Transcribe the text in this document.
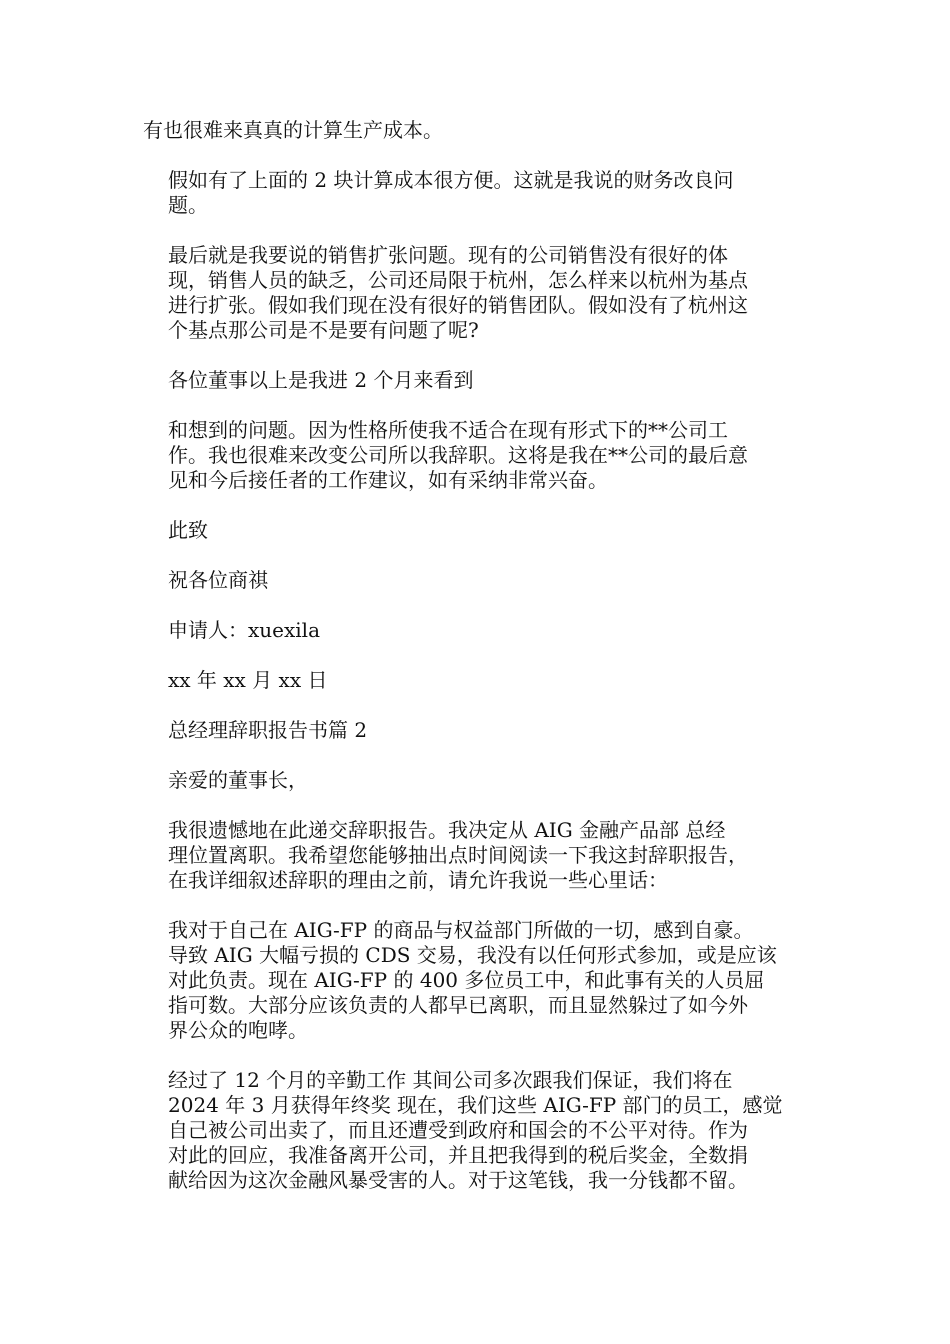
有也很难来真真的计算生产成本。
假如有了上面的 2 块计算成本很方便。这就是我说的财务改良问
题。
最后就是我要说的销售扩张问题。现有的公司销售没有很好的体
现，销售人员的缺乏，公司还局限于杭州，怎么样来以杭州为基点
进行扩张。假如我们现在没有很好的销售团队。假如没有了杭州这
个基点那公司是不是要有问题了呢?
各位董事以上是我进 2 个月来看到
和想到的问题。因为性格所使我不适合在现有形式下的**公司工
作。我也很难来改变公司所以我辞职。这将是我在**公司的最后意
见和今后接任者的工作建议，如有采纳非常兴奋。
此致
祝各位商祺
申请人：xuexila
xx 年 xx 月 xx 日
总经理辞职报告书篇 2
亲爱的董事长，
我很遗憾地在此递交辞职报告。我决定从 AIG 金融产品部 总经
理位置离职。我希望您能够抽出点时间阅读一下我这封辞职报告，
在我详细叙述辞职的理由之前，请允许我说一些心里话：
我对于自己在 AIG-FP 的商品与权益部门所做的一切，感到自豪。
导致 AIG 大幅亏损的 CDS 交易，我没有以任何形式参加，或是应该
对此负责。现在 AIG-FP 的 400 多位员工中，和此事有关的人员屈
指可数。大部分应该负责的人都早已离职，而且显然躲过了如今外
界公众的咆哮。
经过了 12 个月的辛勤工作 其间公司多次跟我们保证，我们将在
2024 年 3 月获得年终奖 现在，我们这些 AIG-FP 部门的员工，感觉
自己被公司出卖了，而且还遭受到政府和国会的不公平对待。作为
对此的回应，我准备离开公司，并且把我得到的税后奖金，全数捐
献给因为这次金融风暴受害的人。对于这笔钱，我一分钱都不留。
